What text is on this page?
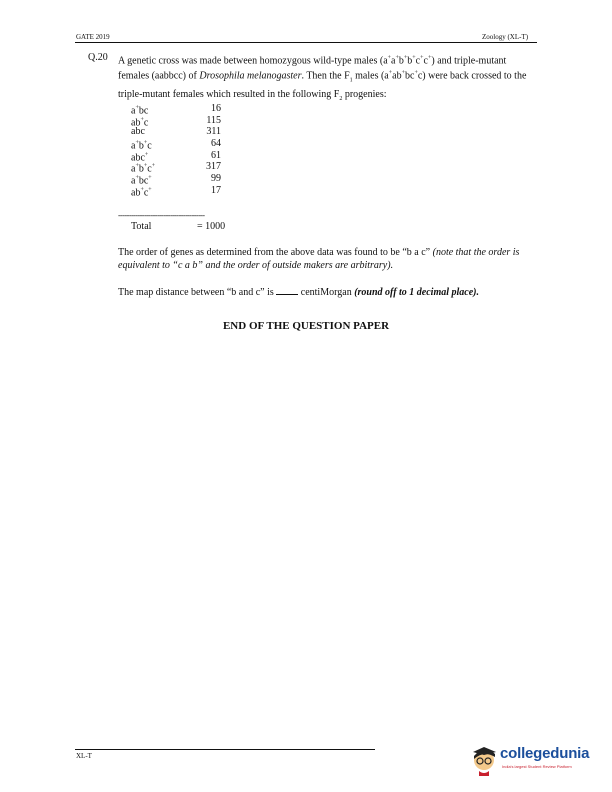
GATE 2019	Zoology (XL-T)
Q.20 A genetic cross was made between homozygous wild-type males (a+a+b+b+c+c+) and triple-mutant females (aabbcc) of Drosophila melanogaster. Then the $F_1$ males (a+ab+bc+c) were back crossed to the triple-mutant females which resulted in the following $F_2$ progenies:
a+bc	16
ab+c	115
abc	311
a+b+c	64
abc+	61
a+b+c+	317
a+bc+	99
ab+c+	17
----------------------------------------
Total	= 1000
The order of genes as determined from the above data was found to be “b a c” (note that the order is equivalent to “c a b” and the order of outside makers are arbitrary).
The map distance between “b and c” is	centiMorgan (round off to 1 decimal place).
END OF THE QUESTION PAPER
XL-T	collegedunia
India's largest Student Review Platform
